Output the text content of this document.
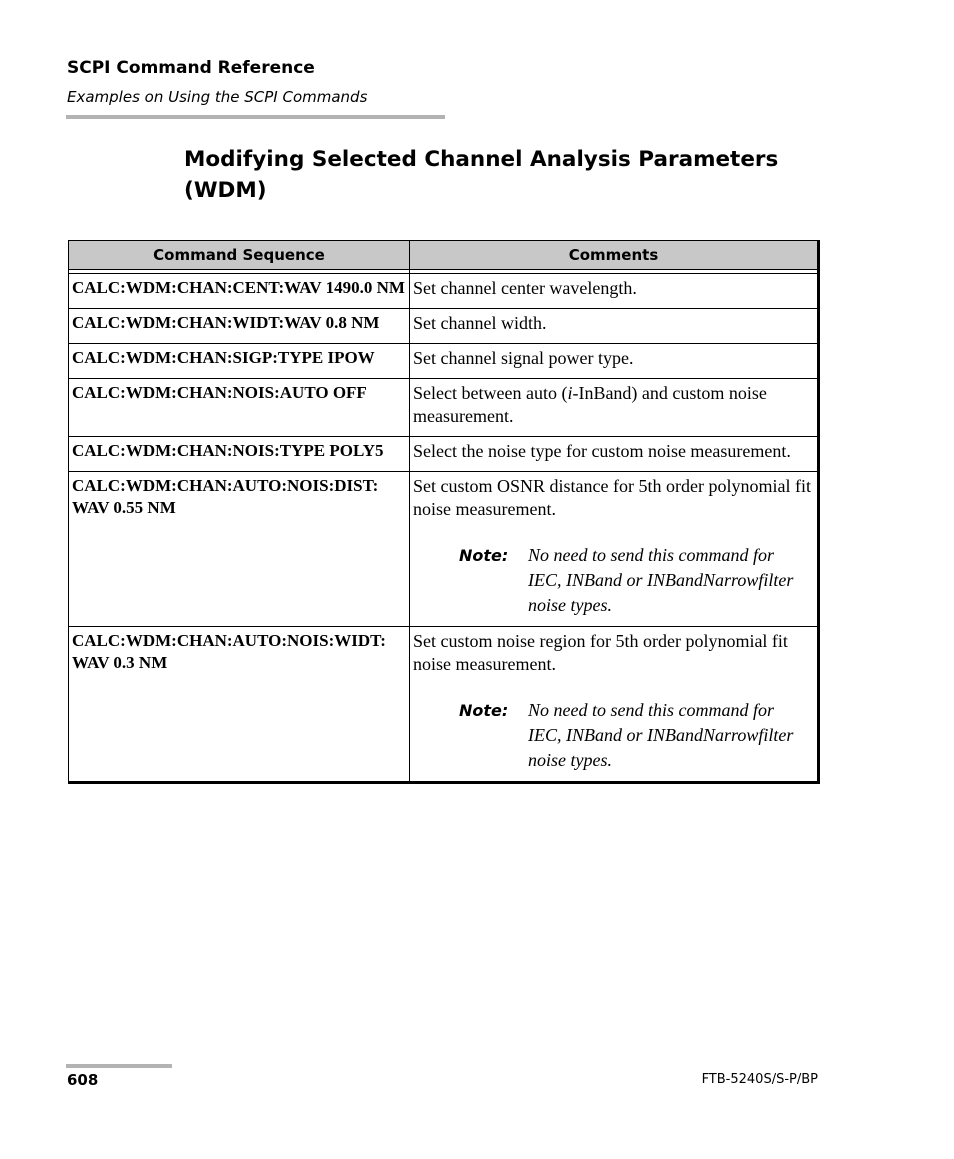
SCPI Command Reference
Examples on Using the SCPI Commands
Modifying Selected Channel Analysis Parameters (WDM)
Command Sequence	Comments

CALC:WDM:CHAN:CENT:WAV 1490.0 NM	Set channel center wavelength.
CALC:WDM:CHAN:WIDT:WAV 0.8 NM	Set channel width.
CALC:WDM:CHAN:SIGP:TYPE IPOW	Set channel signal power type.
CALC:WDM:CHAN:NOIS:AUTO OFF	Select between auto (i-InBand) and custom noise measurement.
CALC:WDM:CHAN:NOIS:TYPE POLY5	Select the noise type for custom noise measurement.
CALC:WDM:CHAN:AUTO:NOIS:DIST: WAV 0.55 NM	Set custom OSNR distance for 5th order polynomial fit noise measurement.
Note: No need to send this command for IEC, INBand or INBandNarrowfilter noise types.

CALC:WDM:CHAN:AUTO:NOIS:WIDT: WAV 0.3 NM	Set custom noise region for 5th order polynomial fit noise measurement.
Note: No need to send this command for IEC, INBand or INBandNarrowfilter noise types.
608	FTB-5240S/S-P/BP
